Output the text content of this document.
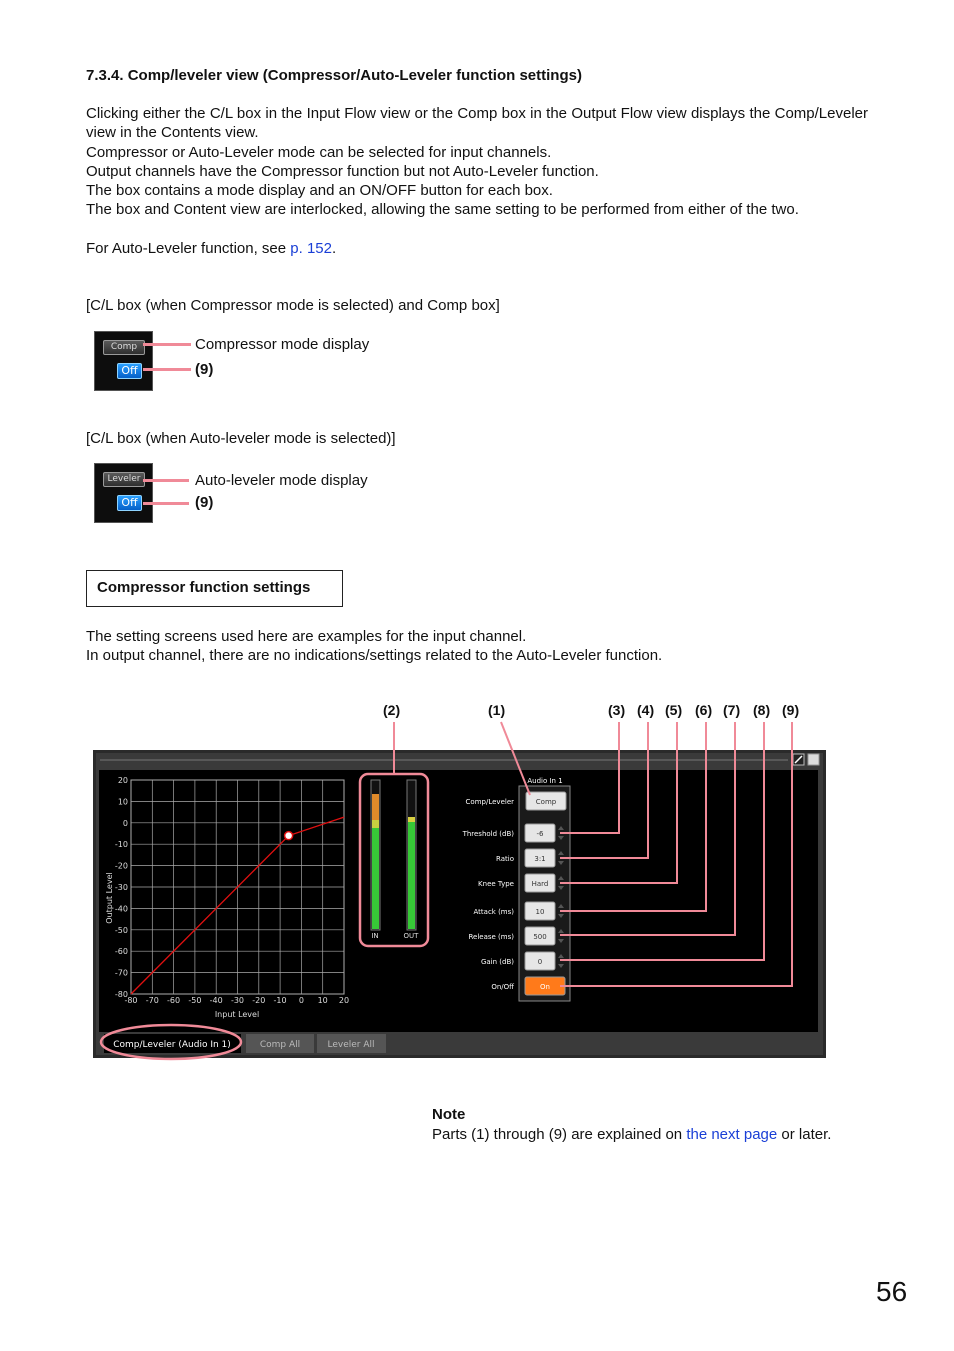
7.3.4. Comp/leveler view (Compressor/Auto-Leveler function settings)
Clicking either the C/L box in the Input Flow view or the Comp box in the Output Flow view displays the Comp/Leveler view in the Contents view.
Compressor or Auto-Leveler mode can be selected for input channels.
Output channels have the Compressor function but not Auto-Leveler function.
The box contains a mode display and an ON/OFF button for each box.
The box and Content view are interlocked, allowing the same setting to be performed from either of the two.
For Auto-Leveler function, see p. 152.
[C/L box (when Compressor mode is selected) and Comp box]
Comp
Off
Compressor mode display
(9)
[C/L box (when Auto-leveler mode is selected)]
Leveler
Off
Auto-leveler mode display
(9)
Compressor function settings
The setting screens used here are examples for the input channel.
In output channel, there are no indications/settings related to the Auto-Leveler function.
(2)	(1)	(3) (4) (5) (6) (7) (8) (9)
-80 -70 -60 -50 -40 -30 -20 -10 0 10 20
20
10
0
-10
-20
-30
-40
-50
-60
-70
-80
Input Level
Output Level
IN	OUT
Audio In 1
Comp/Leveler	Comp
Threshold (dB)	-6
Ratio	3:1
Knee Type	Hard
Attack (ms)	10
Release (ms)	500
Gain (dB)	0
On/Off	On
Comp/Leveler (Audio In 1)	Comp All	Leveler All
Note
Parts (1) through (9) are explained on the next page or later.
56
